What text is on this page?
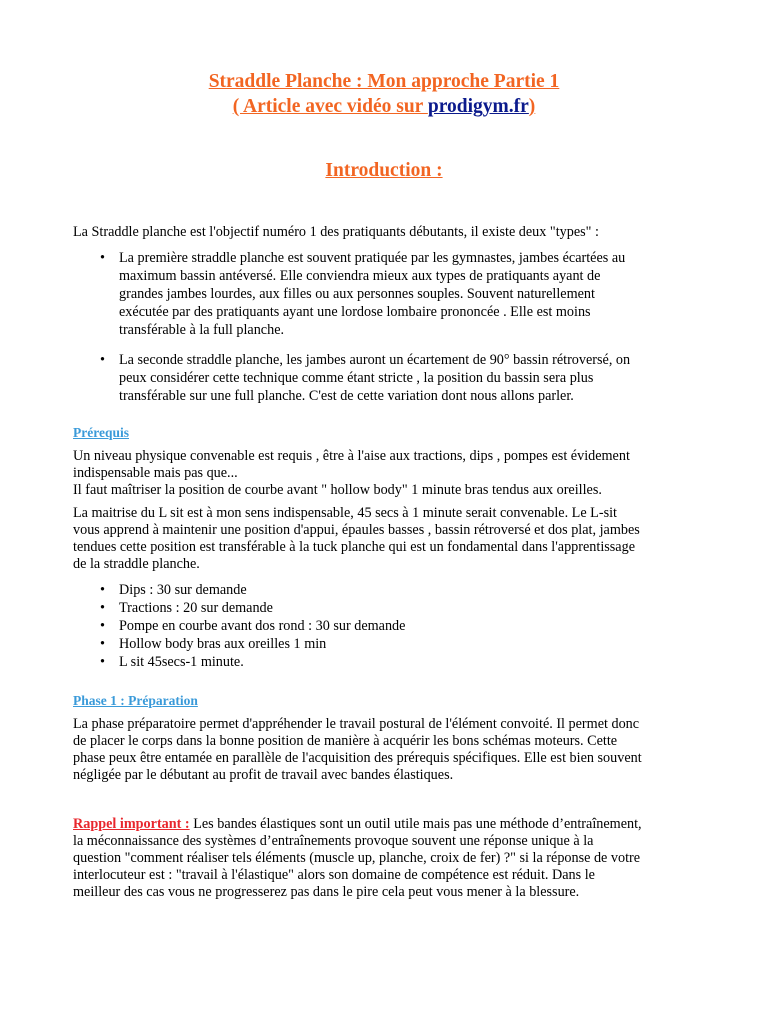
Straddle Planche : Mon approche Partie 1
( Article avec vidéo sur prodigym.fr)
Introduction :
La Straddle planche est l'objectif numéro 1 des pratiquants débutants, il existe deux "types" :
• La première straddle planche est souvent pratiquée par les gymnastes, jambes écartées au
maximum bassin antéversé. Elle conviendra mieux aux types de pratiquants ayant de
grandes jambes lourdes, aux filles ou aux personnes souples. Souvent naturellement
exécutée par des pratiquants ayant une lordose lombaire prononcée . Elle est moins
transférable à la full planche.
• La seconde straddle planche, les jambes auront un écartement de 90° bassin rétroversé, on
peux considérer cette technique comme étant stricte , la position du bassin sera plus
transférable sur une full planche. C'est de cette variation dont nous allons parler.
Prérequis
Un niveau physique convenable est requis , être à l'aise aux tractions, dips , pompes est évidement
indispensable mais pas que...
Il faut maîtriser la position de courbe avant " hollow body" 1 minute bras tendus aux oreilles.
La maitrise du L sit est à mon sens indispensable, 45 secs à 1 minute serait convenable. Le L-sit
vous apprend à maintenir une position d'appui, épaules basses , bassin rétroversé et dos plat, jambes
tendues cette position est transférable à la tuck planche qui est un fondamental dans l'apprentissage
de la straddle planche.
• Dips : 30 sur demande
• Tractions : 20 sur demande
• Pompe en courbe avant dos rond : 30 sur demande
• Hollow body bras aux oreilles 1 min
• L sit 45secs-1 minute.
Phase 1 : Préparation
La phase préparatoire permet d'appréhender le travail postural de l'élément convoité. Il permet donc
de placer le corps dans la bonne position de manière à acquérir les bons schémas moteurs. Cette
phase peux être entamée en parallèle de l'acquisition des prérequis spécifiques. Elle est bien souvent
négligée par le débutant au profit de travail avec bandes élastiques.
Rappel important : Les bandes élastiques sont un outil utile mais pas une méthode d’entraînement,
la méconnaissance des systèmes d’entraînements provoque souvent une réponse unique à la
question "comment réaliser tels éléments (muscle up, planche, croix de fer) ?" si la réponse de votre
interlocuteur est : "travail à l'élastique" alors son domaine de compétence est réduit. Dans le
meilleur des cas vous ne progresserez pas dans le pire cela peut vous mener à la blessure.
